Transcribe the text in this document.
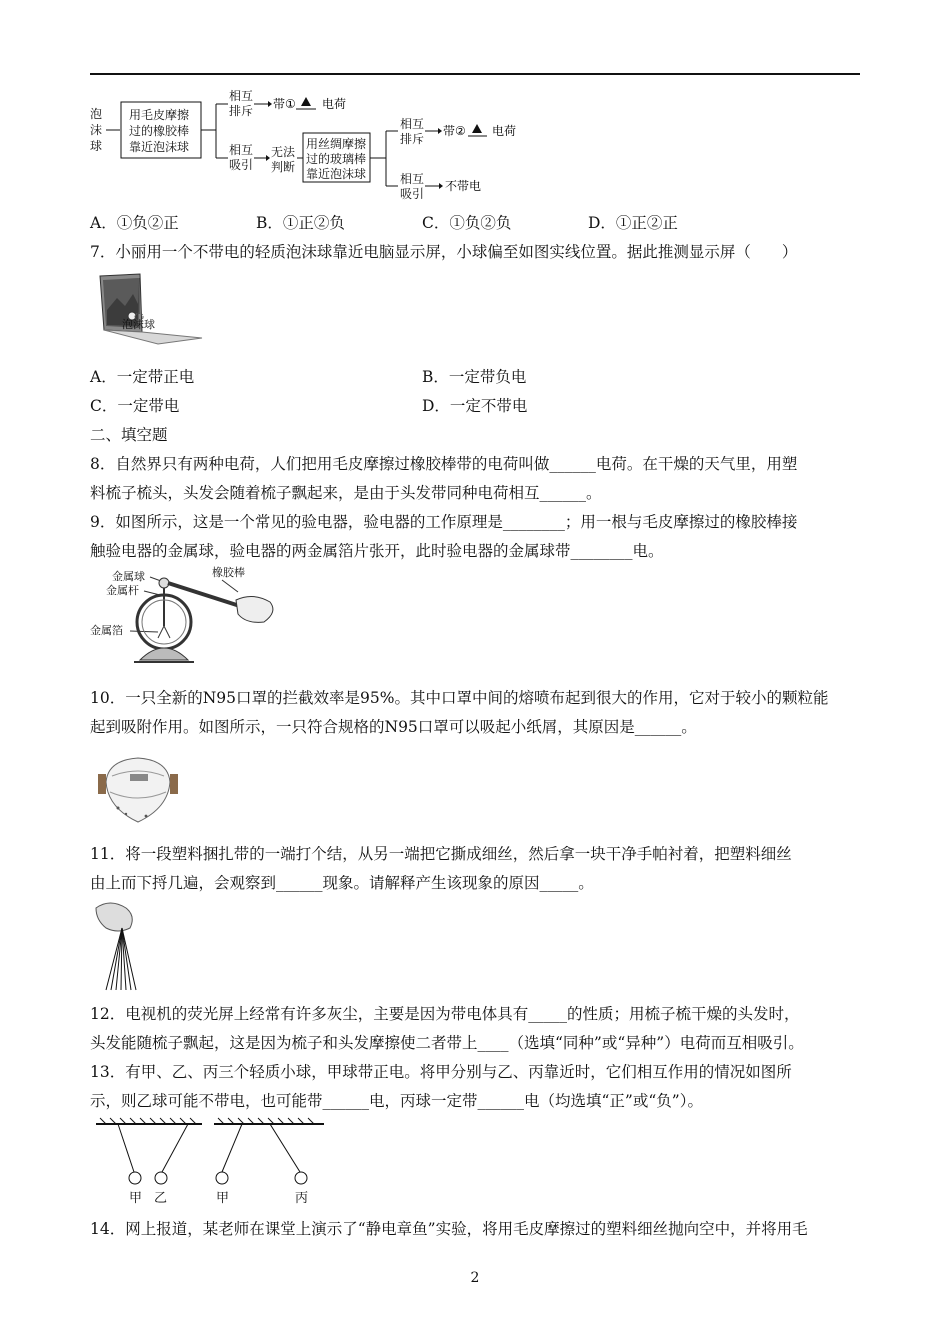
泡
沫
球
用毛皮摩擦
过的橡胶棒
靠近泡沫球
相互
排斥 带① 电荷
相互
吸引
无法
判断
用丝绸摩擦
过的玻璃棒
靠近泡沫球
相互
排斥
带② 电荷
相互
吸引
不带电
A．①负②正	B．①正②负	C．①负②负	D．①正②正
7．小丽用一个不带电的轻质泡沫球靠近电脑显示屏，小球偏至如图实线位置。据此推测显示屏（　　）
泡沫球
A．一定带正电	B．一定带负电
C．一定带电	D．一定不带电
二、填空题
8．自然界只有两种电荷，人们把用毛皮摩擦过橡胶棒带的电荷叫做______电荷。在干燥的天气里，用塑
料梳子梳头，头发会随着梳子飘起来，是由于头发带同种电荷相互______。
9．如图所示，这是一个常见的验电器，验电器的工作原理是________；用一根与毛皮摩擦过的橡胶棒接
触验电器的金属球，验电器的两金属箔片张开，此时验电器的金属球带________电。
金属球
金属杆
金属箔
橡胶棒
10．一只全新的N95口罩的拦截效率是95%。其中口罩中间的熔喷布起到很大的作用，它对于较小的颗粒能
起到吸附作用。如图所示，一只符合规格的N95口罩可以吸起小纸屑，其原因是______。
11．将一段塑料捆扎带的一端打个结，从另一端把它撕成细丝，然后拿一块干净手帕衬着，把塑料细丝
由上而下捋几遍，会观察到______现象。请解释产生该现象的原因_____。
12．电视机的荧光屏上经常有许多灰尘，主要是因为带电体具有_____的性质；用梳子梳干燥的头发时，
头发能随梳子飘起，这是因为梳子和头发摩擦使二者带上____（选填“同种”或“异种”）电荷而互相吸引。
13．有甲、乙、丙三个轻质小球，甲球带正电。将甲分别与乙、丙靠近时，它们相互作用的情况如图所
示，则乙球可能不带电，也可能带______电，丙球一定带______电（均选填“正”或“负”）。
甲 乙	甲	丙
14．网上报道，某老师在课堂上演示了“静电章鱼”实验，将用毛皮摩擦过的塑料细丝抛向空中，并将用毛
2
